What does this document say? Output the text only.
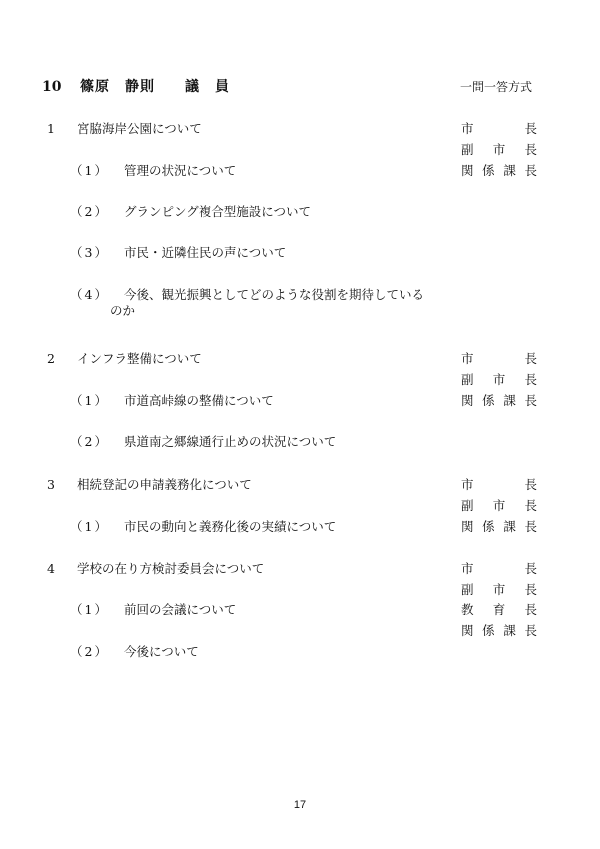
10 篠原　静則　　議　員	一問一答方式
1 宮脇海岸公園について	市	長
副 市 長
関 係 課 長
（1） 管理の状況について
（2） グランピング複合型施設について
（3） 市民・近隣住民の声について
（4） 今後、観光振興としてどのような役割を期待している
のか
2 インフラ整備について	市	長
副 市 長
関 係 課 長
（1） 市道高峠線の整備について
（2） 県道南之郷線通行止めの状況について
3 相続登記の申請義務化について	市	長
副 市 長
関 係 課 長
（1） 市民の動向と義務化後の実績について
4 学校の在り方検討委員会について	市	長
副 市 長
教 育 長
関 係 課 長
（1） 前回の会議について
（2） 今後について
17
